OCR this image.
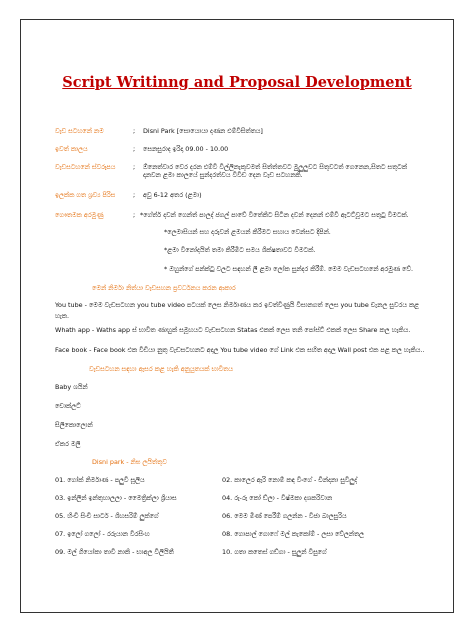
Script Writinng and Proposal Development
වැඩ සටහනේ නම	; Disni Park [සොයොයා දණන ළුම්විසිත්තය]
ඉවත් කාලය	; සෙනසුරාද ඉරිදා 09.00 - 10.00
වැඩසටහනේ ස්වරූපය	; ඕනෙත්වාර වෙර දරන ළුම්වී විල්ලිනැකුවමත් සිත්ත්තවට මුලුලුවට සිතුවටත් ගෙනෙන,සිතට සතුටක් දානවන ළමා කාලයේ සුන්දරත්වය විවිඩ දෙන වැඩ සටහනකි.
ඉලක්ක ගත ශ්‍රව්‍ය පිරිස	; අවු 6-12 අතර (ළමා)
ගෞතමක අරමුණු	; *ගේත්‌ර් දවන් ගෙන්ත් පාලද් ජගල් පාවේ විතේකිට සිටින දවන් දෙනන් ළුම්වී ඇටට්වූමට සතුටු වීමටක්.
*ලෙමාසියන් සහ දරුවන් ළමයන් කිරීමට සහාය වෙන්සට දිපින්.
*ළමා විනෝදයිත් තමා කිරීමිට සමය ශික්ෂතාවට විමටක්.
* ඔහුන්ගේ පන්ක්ටු වලට සඳහන් ලී ළමා ලෝක සුන්දර කිරීම්. මෙම වැඩසටහනේ අරමුණ වේ.
මෙන් නිර්මා නිත්යා වැඩසහන ප්‍රවර්ධනය කරන ආකාර
You tube - මෙම වැඩසටහන you tube video පටයක් ලෙස නිර්මාණය කර ඉවත්විණුයි විසානගත් ලෙස you tube චැනල සුවරය කළ හැක.
Whath app - Waths app ස් භාවිත ණාහුක් සමූහයට වැඩසටහන Statas එකක් ලෙස තනි පෝස්ට් එකක් ලෙස Share කල හැකිය.
Face book - Face book එක වීඩියා නුතු වැඩසටහනට අදාල You tube video ගේ Link එක සහිත අදාල Wall post එක පළ කල හැකිය..
වැඩසටහන සඳහා ඇසර කළ හැකි අනුයුතයක් භාවිතය
Baby ශයින්
චොක්ලට්
සිලිකොලොන්
ඒකර මලි
Disni park - නිඝ ලයිත්තුව
01. ගෝක් නිර්මාණ - පලුවී සූලිය	02. කාලෙර ඇරි නොම් කඳ විංගේ - චින්දනා සුවිලුද්
03. ඉන්ලින් ඉන්තුහාලලා - මෛත්‍රික්ලා ශ්‍රියාස	04. රු-රු කෝ ඩ්ලා - විෂ්මකා දශකරිවාන
05. හිංචි සිංචි සාර්ට - ශිහසරිම් ලුක්ගේ	06. මෙම මිණ් පෙරීම් ගලන්න - විජා බාලසුරිය
07. ඉලෝ ගලෝ - රරුයාන විරසිංහ	08. ගොපාල් ගොෆේ මල් කැකෝම් - ලසා වේලන්තල
09. මල් ගියෝකා තාවි නාකි - භාඅල විලියිතී	10. ගතා කතෙස් ගඩ්ගා - සුලුන් විසුගේ
